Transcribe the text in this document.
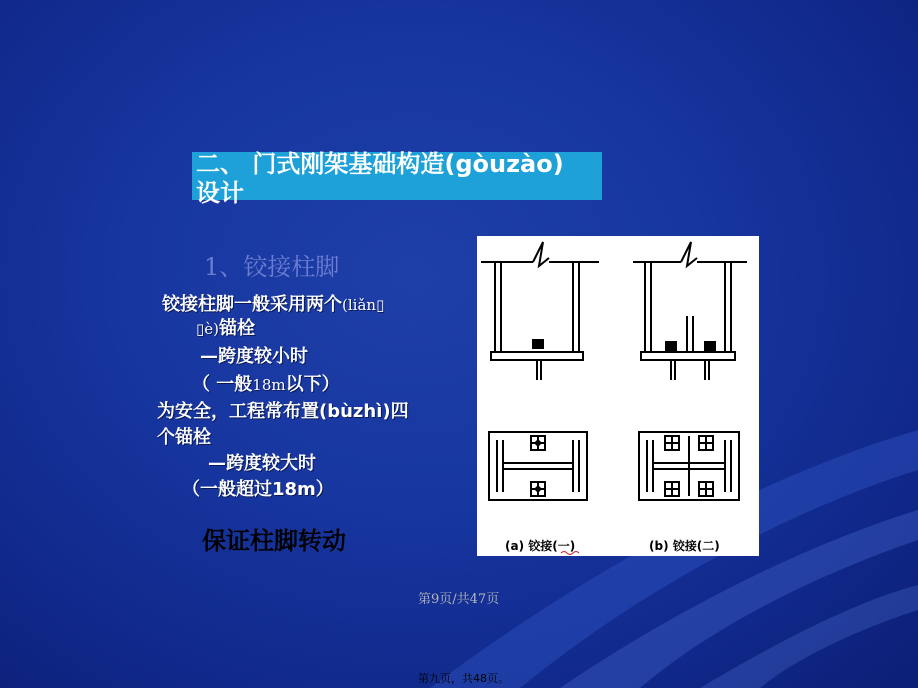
二、 门式刚架基础构造(gòuzào)
设计
1、铰接柱脚
铰接柱脚一般采用两个(liǎn▯
▯è)锚栓
—跨度较小时
（ 一般18m以下）
为安全，工程常布置(bùzhì)四
个锚栓
—跨度较大时
（一般超过18m）
保证柱脚转动	(a) 铰接(一)	(b) 铰接(二)
第9页/共47页
第九页，共48页。
